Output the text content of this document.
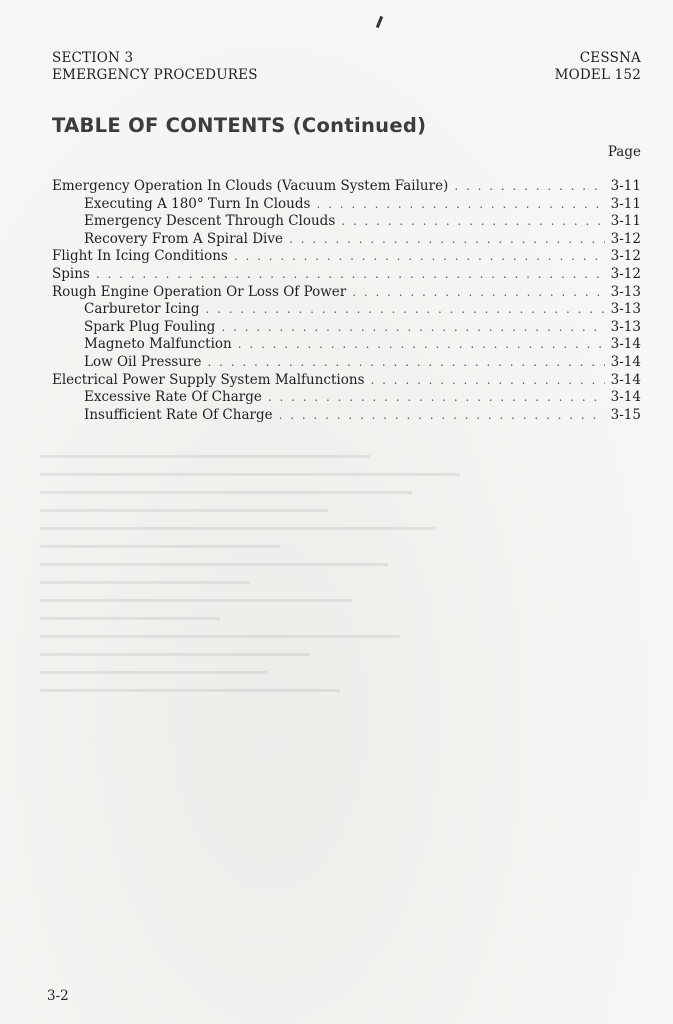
SECTION 3
EMERGENCY PROCEDURES
CESSNA
MODEL 152
TABLE OF CONTENTS (Continued)
Page
Emergency Operation In Clouds (Vacuum System Failure) . . .	3-11
Executing A 180° Turn In Clouds . . .	3-11
Emergency Descent Through Clouds . . .	3-11
Recovery From A Spiral Dive . . .	3-12
Flight In Icing Conditions . . .	3-12
Spins . . .	3-12
Rough Engine Operation Or Loss Of Power . . .	3-13
Carburetor Icing . . .	3-13
Spark Plug Fouling . . .	3-13
Magneto Malfunction . . .	3-14
Low Oil Pressure . . .	3-14
Electrical Power Supply System Malfunctions . . .	3-14
Excessive Rate Of Charge . . .	3-14
Insufficient Rate Of Charge . . .	3-15
3-2
